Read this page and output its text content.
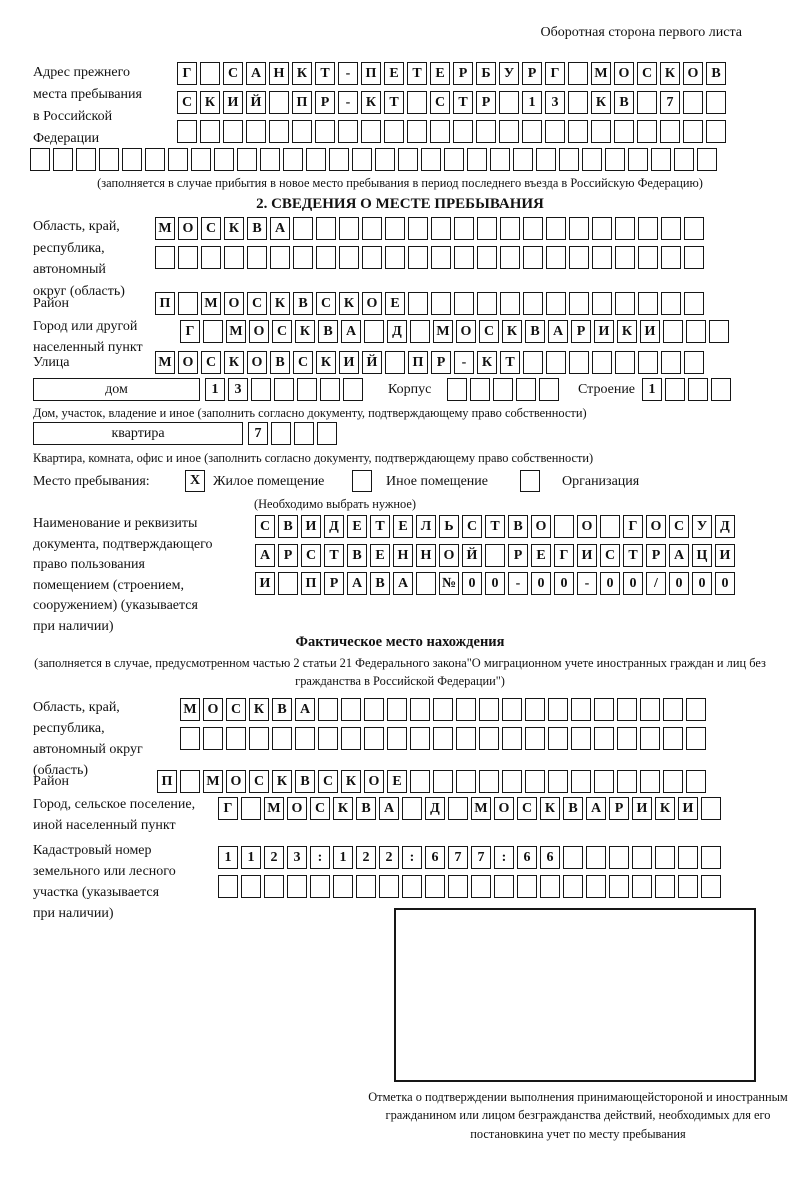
Оборотная сторона первого листа
Адрес прежнего
места пребывания
в Российской
Федерации
Г	С А Н К Т	-	П Е Т Е	Р	Б У Р	Г	М О С К О В
С К И Й	П Р	-	К Т	С Т	Р	1	3	К В	7
(заполняется в случае прибытия в новое место пребывания в период последнего въезда в Российскую Федерацию)
2. СВЕДЕНИЯ О МЕСТЕ ПРЕБЫВАНИЯ
Область, край,
республика,
автономный
округ (область)
М О С К В А
Район	П	М О С К В С К О Е
Город или другой
населенный пункт
Г	М О С К В А	Д	М О С К В А Р И К И
Улица	М О С К О В С К И Й	П Р	-	К Т
дом	1	3	Корпус	Строение 1
Дом, участок, владение и иное (заполнить согласно документу, подтверждающему право собственности)
квартира	7
Квартира, комната, офис и иное (заполнить согласно документу, подтверждающему право собственности)
Место пребывания:	X Жилое помещение	Иное помещение	Организация
(Необходимо выбрать нужное)
Наименование и реквизиты
документа, подтверждающего
право пользования
помещением (строением,
сооружением) (указывается
при наличии)
С В И Д Е Т Е Л Ь С Т В О	О	Г О С У Д
А Р С Т В Е Н Н О Й	Р	Е Г И С Т	Р А Ц И
И	П Р А В А	№ 0	0	-	0	0	-	0	0	/	0	0	0
Фактическое место нахождения
(заполняется в случае, предусмотренном частью 2 статьи 21 Федерального закона"О миграционном учете иностранных граждан и лиц без гражданства в Российской Федерации")
Область, край,
республика,
автономный округ
(область)
М О С К В А
Район	П	М О С К В С К О Е
Город, сельское поселение,
иной населенный пункт
Г	М О С К В А	Д	М О С К В А Р И К И
Кадастровый номер
земельного или лесного
участка (указывается
при наличии)
1	1	2	3	:	1	2	2	:	6	7	7	:	6	6
Отметка о подтверждении выполнения принимающейстороной и иностранным гражданином или лицом безгражданства действий, необходимых для его постановкина учет по месту пребывания
